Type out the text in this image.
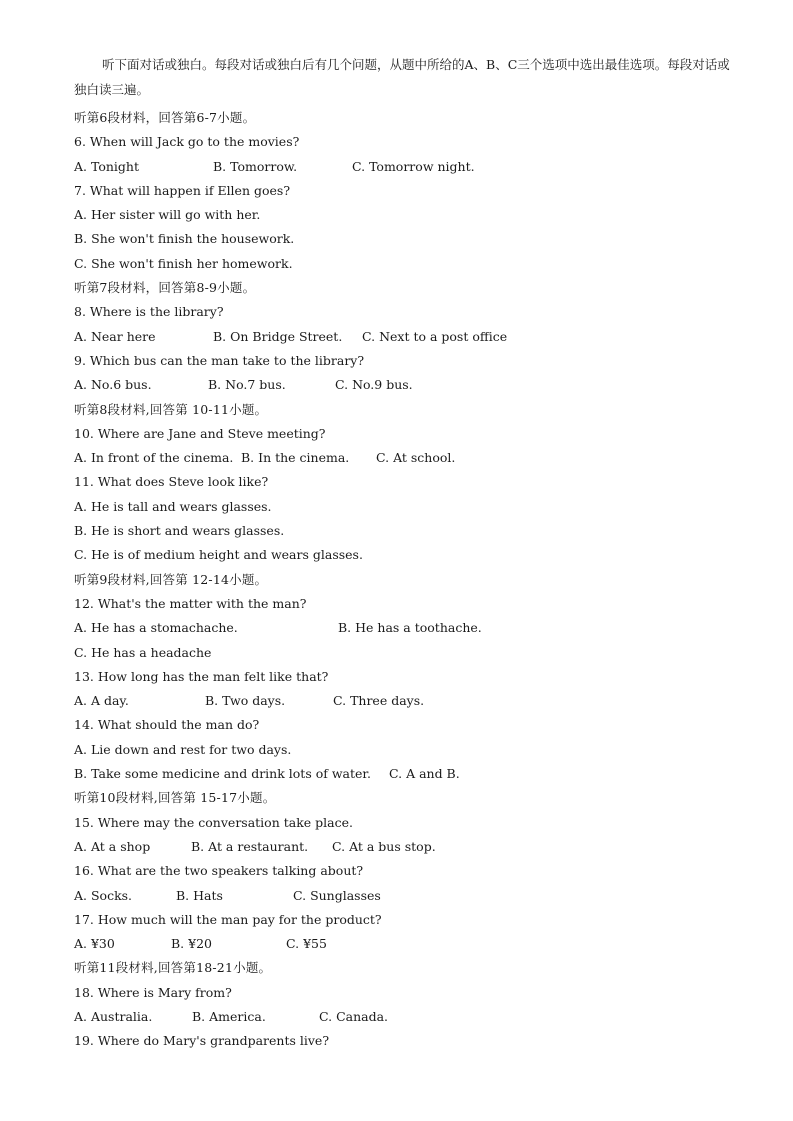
听下面对话或独白。每段对话或独白后有几个问题，从题中所给的A、B、C三个选项中选出最佳选项。每段对话或独白读三遍。
听第6段材料，回答第6-7小题。
6. When will Jack go to the movies?
A. Tonight	B. Tomorrow.	C. Tomorrow night.
7. What will happen if Ellen goes?
A. Her sister will go with her.
B. She won't finish the housework.
C. She won't finish her homework.
听第7段材料，回答第8-9小题。
8. Where is the library?
A. Near here	B. On Bridge Street. C. Next to a post office
9. Which bus can the man take to the library?
A. No.6 bus.	B. No.7 bus.	C. No.9 bus.
听第8段材料,回答第 10-11小题。
10. Where are Jane and Steve meeting?
A. In front of the cinema. B. In the cinema. C. At school.
11. What does Steve look like?
A. He is tall and wears glasses.
B. He is short and wears glasses.
C. He is of medium height and wears glasses.
听第9段材料,回答第 12-14小题。
12. What's the matter with the man?
A. He has a stomachache.	B. He has a toothache.
C. He has a headache
13. How long has the man felt like that?
A. A day.	B. Two days.	C. Three days.
14. What should the man do?
A. Lie down and rest for two days.
B. Take some medicine and drink lots of water. C. A and B.
听第10段材料,回答第 15-17小题。
15. Where may the conversation take place.
A. At a shop	B. At a restaurant. C. At a bus stop.
16. What are the two speakers talking about?
A. Socks.	B. Hats	C. Sunglasses
17. How much will the man pay for the product?
A. ¥30	B. ¥20	C. ¥55
听第11段材料,回答第18-21小题。
18. Where is Mary from?
A. Australia.	B. America.	C. Canada.
19. Where do Mary's grandparents live?
